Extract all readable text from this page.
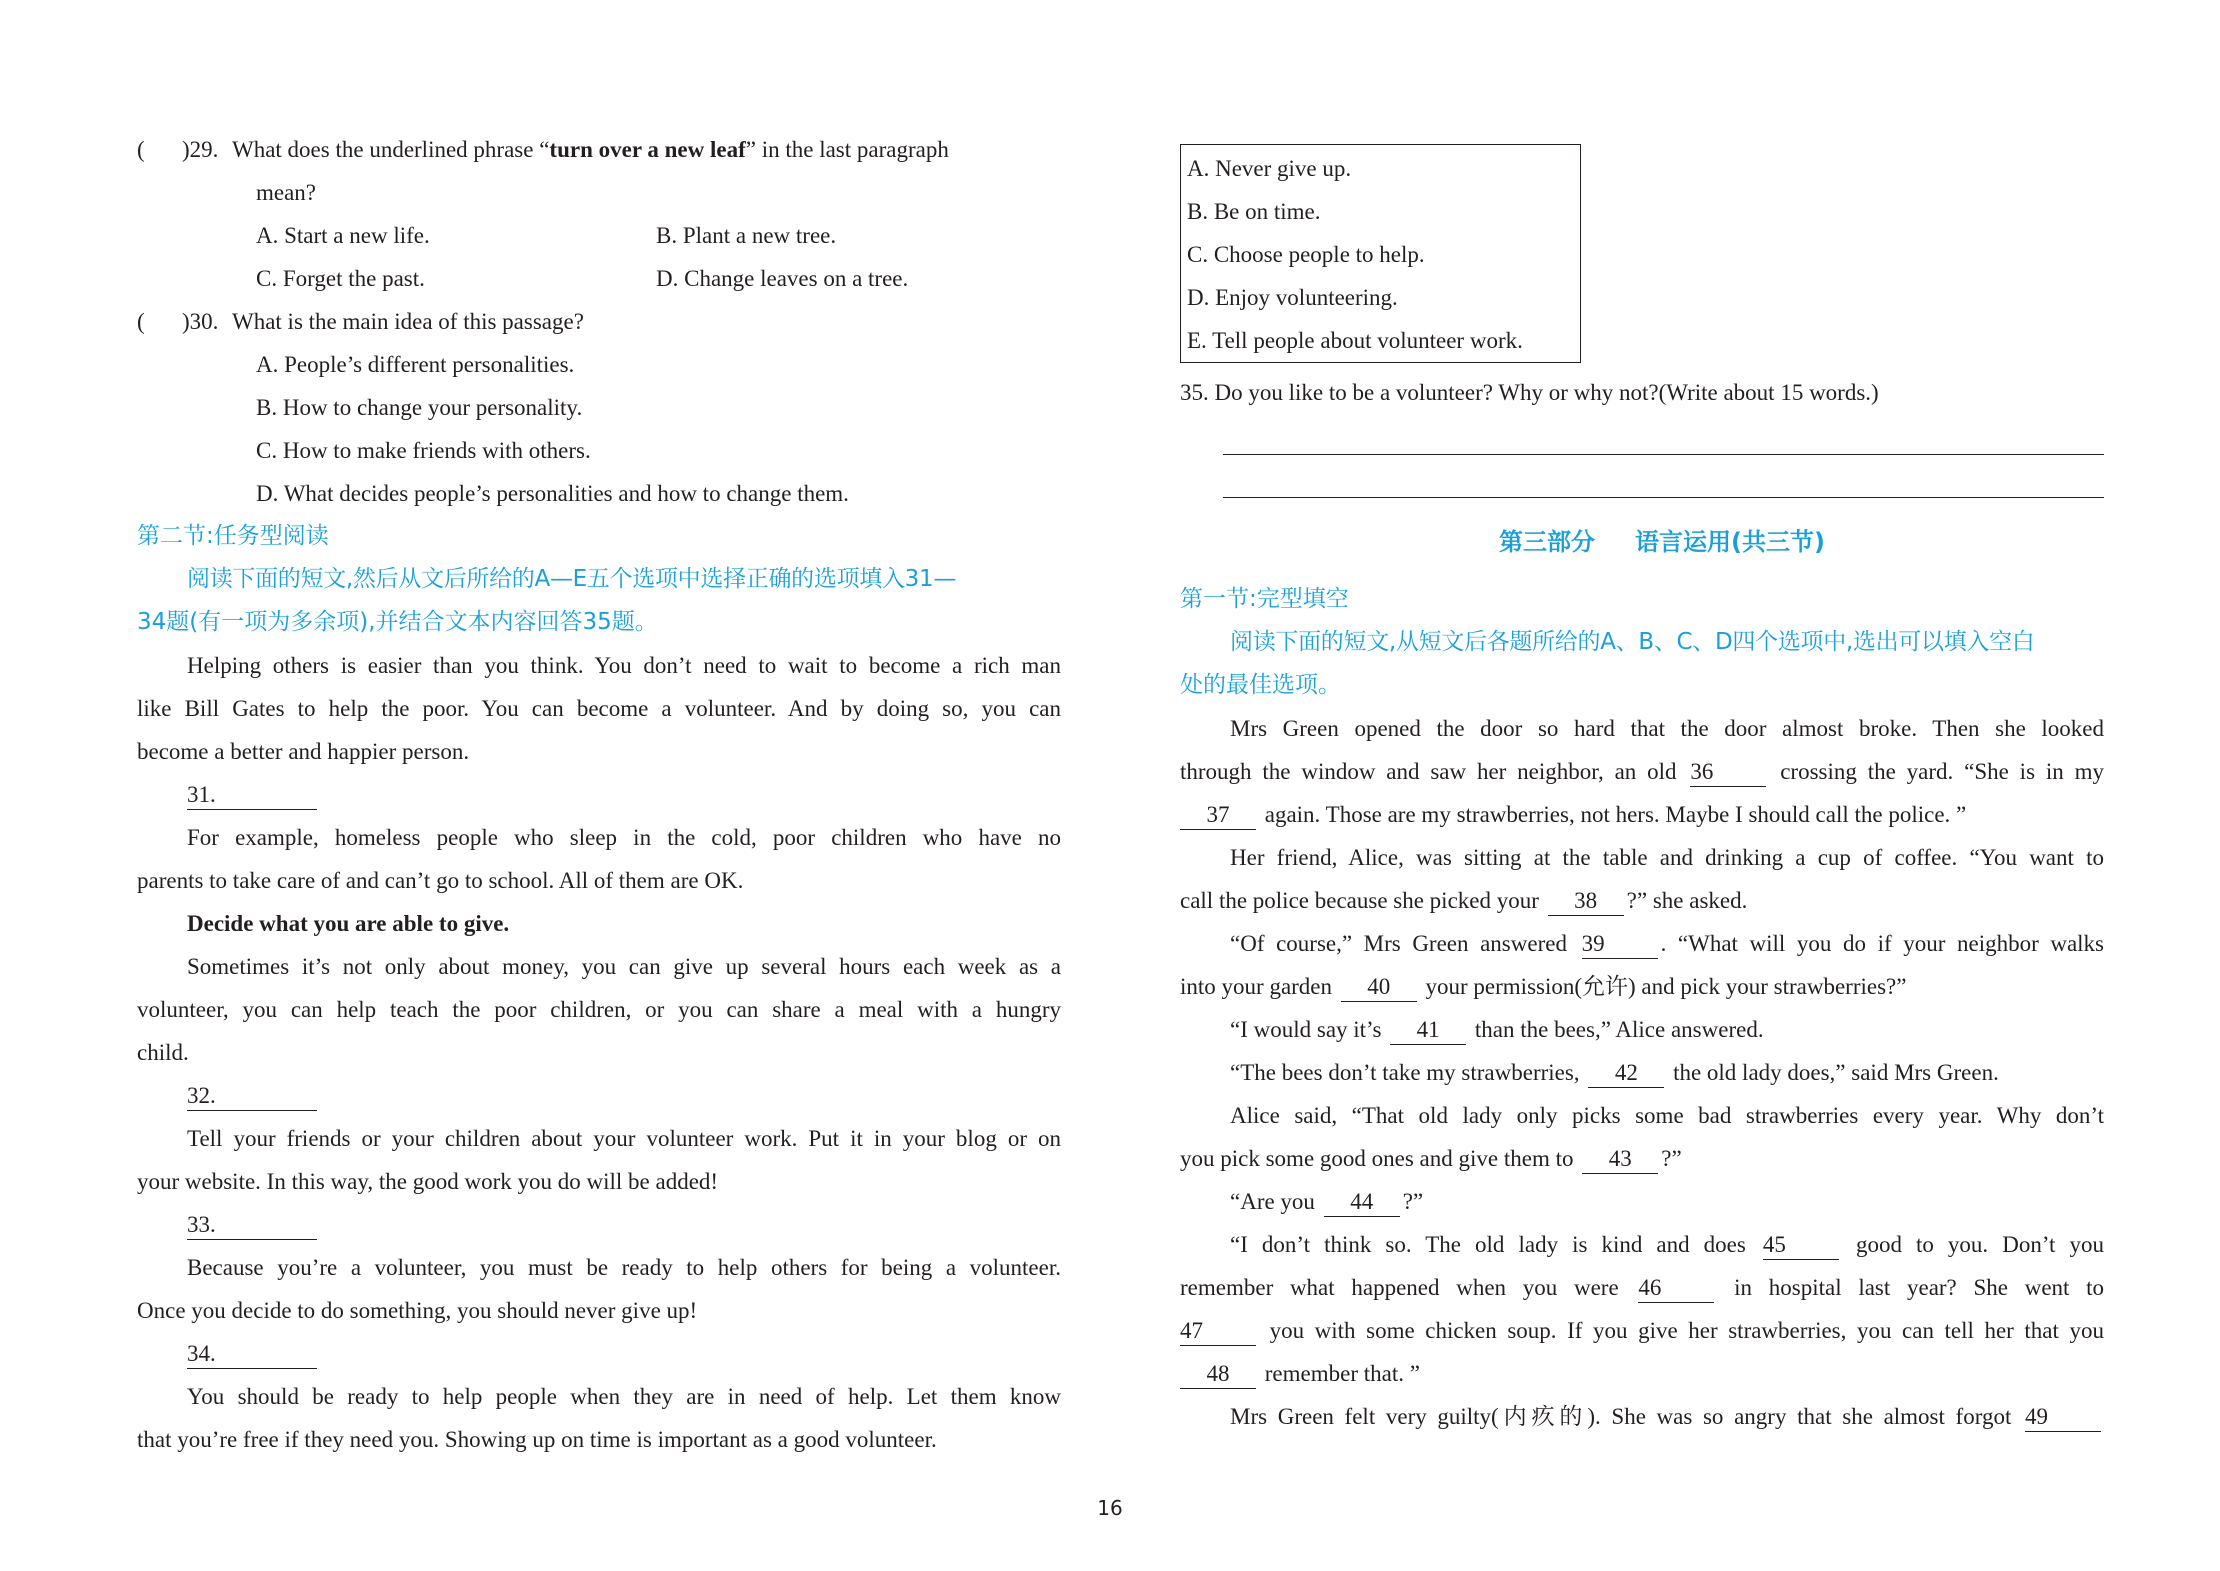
(	)29. What does the underlined phrase “turn over a new leaf” in the last paragraph
mean?
A. Start a new life.	B. Plant a new tree.
C. Forget the past.	D. Change leaves on a tree.
(	)30. What is the main idea of this passage?
A. People’s different personalities.
B. How to change your personality.
C. How to make friends with others.
D. What decides people’s personalities and how to change them.
第二节:任务型阅读
阅读下面的短文,然后从文后所给的A—E五个选项中选择正确的选项填入31—
34题(有一项为多余项),并结合文本内容回答35题。
Helping others is easier than you think. You don’t need to wait to become a rich man
like Bill Gates to help the poor. You can become a volunteer. And by doing so, you can
become a better and happier person.
31.
For example, homeless people who sleep in the cold, poor children who have no
parents to take care of and can’t go to school. All of them are OK.
Decide what you are able to give.
Sometimes it’s not only about money, you can give up several hours each week as a
volunteer, you can help teach the poor children, or you can share a meal with a hungry
child.
32.
Tell your friends or your children about your volunteer work. Put it in your blog or on
your website. In this way, the good work you do will be added!
33.
Because you’re a volunteer, you must be ready to help others for being a volunteer.
Once you decide to do something, you should never give up!
34.
You should be ready to help people when they are in need of help. Let them know
that you’re free if they need you. Showing up on time is important as a good volunteer.
A. Never give up.
B. Be on time.
C. Choose people to help.
D. Enjoy volunteering.
E. Tell people about volunteer work.
35. Do you like to be a volunteer? Why or why not?(Write about 15 words.)
第三部分 语言运用(共三节)
第一节:完型填空
阅读下面的短文,从短文后各题所给的A、B、C、D四个选项中,选出可以填入空白
处的最佳选项。
Mrs Green opened the door so hard that the door almost broke. Then she looked
through the window and saw her neighbor, an old 36	crossing the yard. “She is in my
37 again. Those are my strawberries, not hers. Maybe I should call the police. ”
Her friend, Alice, was sitting at the table and drinking a cup of coffee. “You want to
call the police because she picked your 38 ?” she asked.
“Of course,” Mrs Green answered 39 . “What will you do if your neighbor walks
into your garden 40 your permission(允许) and pick your strawberries?”
“I would say it’s 41 than the bees,” Alice answered.
“The bees don’t take my strawberries, 42 the old lady does,” said Mrs Green.
Alice said, “That old lady only picks some bad strawberries every year. Why don’t
you pick some good ones and give them to 43 ?”
“Are you 44 ?”
“I don’t think so. The old lady is kind and does 45	good to you. Don’t you
remember what happened when you were 46	in hospital last year? She went to
47	you with some chicken soup. If you give her strawberries, you can tell her that you
48 remember that. ”
Mrs Green felt very guilty(内疚的). She was so angry that she almost forgot 49
16
